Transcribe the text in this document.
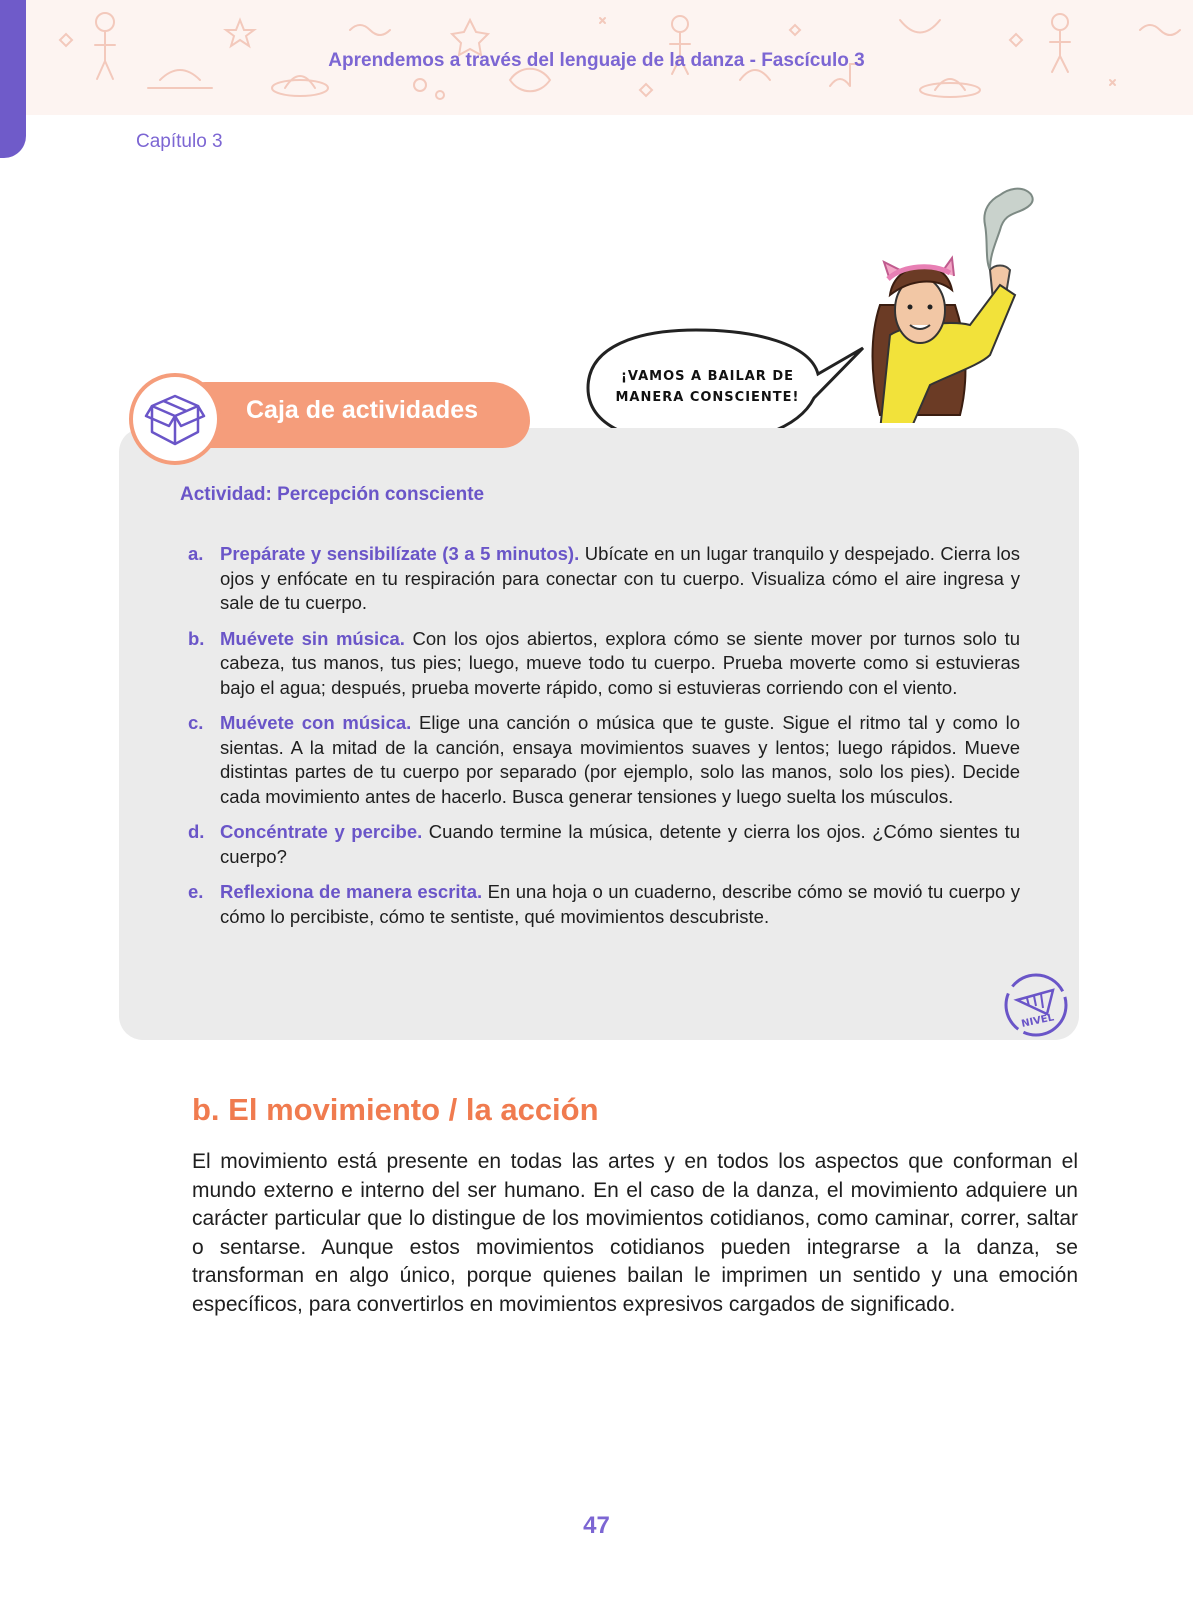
Aprendemos a través del lenguaje de la danza - Fascículo 3
Capítulo 3
¡VAMOS A BAILAR DE
MANERA CONSCIENTE!
Caja de actividades
Actividad: Percepción consciente
a. Prepárate y sensibilízate (3 a 5 minutos). Ubícate en un lugar tranquilo y despejado. Cierra los ojos y enfócate en tu respiración para conectar con tu cuerpo. Visualiza cómo el aire ingresa y sale de tu cuerpo.
b. Muévete sin música. Con los ojos abiertos, explora cómo se siente mover por turnos solo tu cabeza, tus manos, tus pies; luego, mueve todo tu cuerpo. Prueba moverte como si estuvieras bajo el agua; después, prueba moverte rápido, como si estuvieras corriendo con el viento.
c. Muévete con música. Elige una canción o música que te guste. Sigue el ritmo tal y como lo sientas. A la mitad de la canción, ensaya movimientos suaves y lentos; luego rápidos. Mueve distintas partes de tu cuerpo por separado (por ejemplo, solo las manos, solo los pies). Decide cada movimiento antes de hacerlo. Busca generar tensiones y luego suelta los músculos.
d. Concéntrate y percibe. Cuando termine la música, detente y cierra los ojos. ¿Cómo sientes tu cuerpo?
e. Reflexiona de manera escrita. En una hoja o un cuaderno, describe cómo se movió tu cuerpo y cómo lo percibiste, cómo te sentiste, qué movimientos descubriste.
NIVEL
b. El movimiento / la acción

El movimiento está presente en todas las artes y en todos los aspectos que conforman el mundo externo e interno del ser humano. En el caso de la danza, el movimiento adquiere un carácter particular que lo distingue de los movimientos cotidianos, como caminar, correr, saltar o sentarse. Aunque estos movimientos cotidianos pueden integrarse a la danza, se transforman en algo único, porque quienes bailan le imprimen un sentido y una emoción específicos, para convertirlos en movimientos expresivos cargados de significado.

47
